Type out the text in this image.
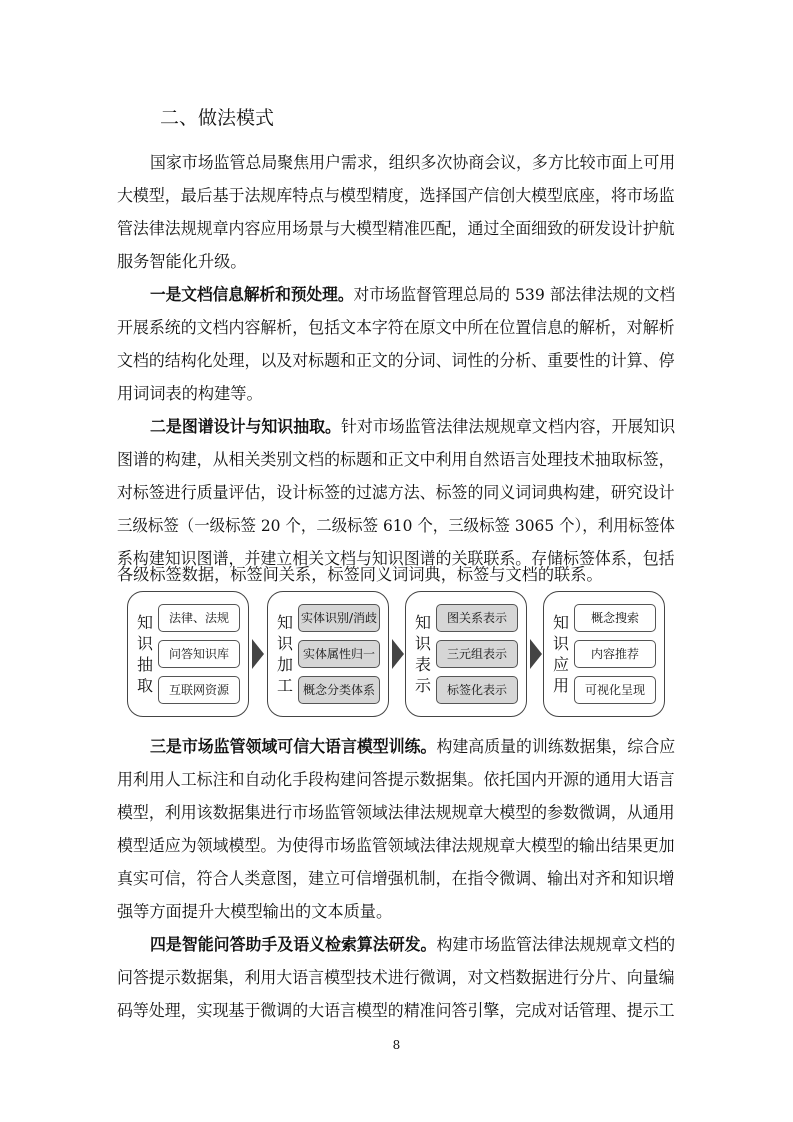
二、做法模式
国家市场监管总局聚焦用户需求，组织多次协商会议，多方比较市面上可用
大模型，最后基于法规库特点与模型精度，选择国产信创大模型底座，将市场监
管法律法规规章内容应用场景与大模型精准匹配，通过全面细致的研发设计护航
服务智能化升级。
一是文档信息解析和预处理。对市场监督管理总局的 539 部法律法规的文档
开展系统的文档内容解析，包括文本字符在原文中所在位置信息的解析，对解析
文档的结构化处理，以及对标题和正文的分词、词性的分析、重要性的计算、停
用词词表的构建等。
二是图谱设计与知识抽取。针对市场监管法律法规规章文档内容，开展知识
图谱的构建，从相关类别文档的标题和正文中利用自然语言处理技术抽取标签，
对标签进行质量评估，设计标签的过滤方法、标签的同义词词典构建，研究设计
三级标签（一级标签 20 个，二级标签 610 个，三级标签 3065 个），利用标签体
系构建知识图谱，并建立相关文档与知识图谱的关联联系。存储标签体系，包括
知识抽取
法律、法规
问答知识库
互联网资源
知识加工
实体识别/消歧
实体属性归一
概念分类体系
知识表示
图关系表示
三元组表示
标签化表示
知识应用
概念搜索
内容推荐
可视化呈现
各级标签数据，标签间关系，标签同义词词典，标签与文档的联系。
三是市场监管领域可信大语言模型训练。构建高质量的训练数据集，综合应
用利用人工标注和自动化手段构建问答提示数据集。依托国内开源的通用大语言
模型，利用该数据集进行市场监管领域法律法规规章大模型的参数微调，从通用
模型适应为领域模型。为使得市场监管领域法律法规规章大模型的输出结果更加
真实可信，符合人类意图，建立可信增强机制，在指令微调、输出对齐和知识增
强等方面提升大模型输出的文本质量。
四是智能问答助手及语义检索算法研发。构建市场监管法律法规规章文档的
问答提示数据集，利用大语言模型技术进行微调，对文档数据进行分片、向量编
码等处理，实现基于微调的大语言模型的精准问答引擎，完成对话管理、提示工
8
